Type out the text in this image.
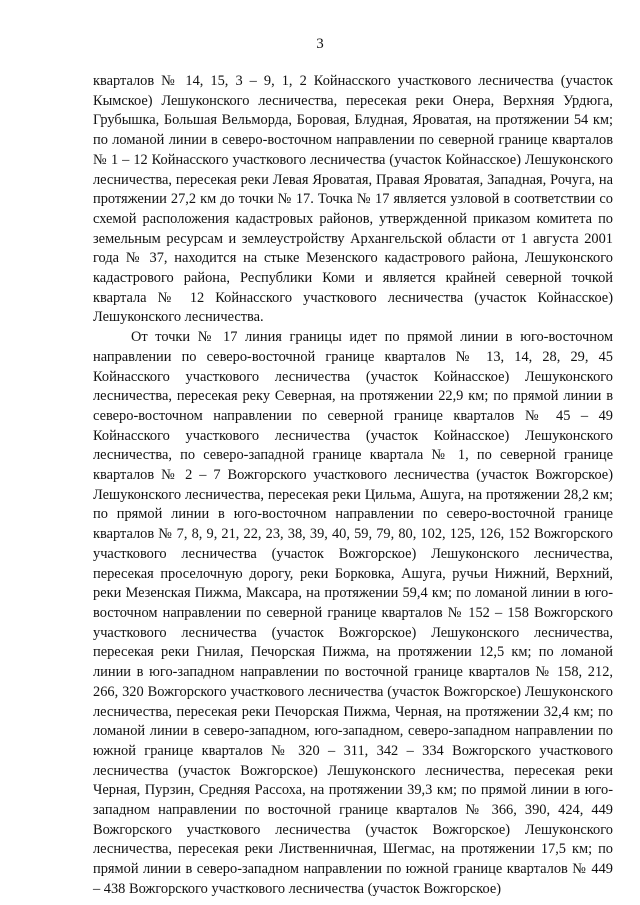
3

кварталов № 14, 15, 3 – 9, 1, 2 Койнасского участкового лесничества (участок Кымское) Лешуконского лесничества, пересекая реки Онера, Верхняя Урдюга, Грубышка, Большая Вельморда, Боровая, Блудная, Яроватая, на протяжении 54 км; по ломаной линии в северо-восточном направлении по северной границе кварталов № 1 – 12 Койнасского участкового лесничества (участок Койнасское) Лешуконского лесничества, пересекая реки Левая Яроватая, Правая Яроватая, Западная, Рочуга, на протяжении 27,2 км до точки № 17. Точка № 17 является узловой в соответствии со схемой расположения кадастровых районов, утвержденной приказом комитета по земельным ресурсам и землеустройству Архангельской области от 1 августа 2001 года № 37, находится на стыке Мезенского кадастрового района, Лешуконского кадастрового района, Республики Коми и является крайней северной точкой квартала № 12 Койнасского участкового лесничества (участок Койнасское) Лешуконского лесничества.

От точки № 17 линия границы идет по прямой линии в юго-восточном направлении по северо-восточной границе кварталов № 13, 14, 28, 29, 45 Койнасского участкового лесничества (участок Койнасское) Лешуконского лесничества, пересекая реку Северная, на протяжении 22,9 км; по прямой линии в северо-восточном направлении по северной границе кварталов № 45 – 49 Койнасского участкового лесничества (участок Койнасское) Лешуконского лесничества, по северо-западной границе квартала № 1, по северной границе кварталов № 2 – 7 Вожгорского участкового лесничества (участок Вожгорское) Лешуконского лесничества, пересекая реки Цильма, Ашуга, на протяжении 28,2 км; по прямой линии в юго-восточном направлении по северо-восточной границе кварталов № 7, 8, 9, 21, 22, 23, 38, 39, 40, 59, 79, 80, 102, 125, 126, 152 Вожгорского участкового лесничества (участок Вожгорское) Лешуконского лесничества, пересекая проселочную дорогу, реки Борковка, Ашуга, ручьи Нижний, Верхний, реки Мезенская Пижма, Максара, на протяжении 59,4 км; по ломаной линии в юго-восточном направлении по северной границе кварталов № 152 – 158 Вожгорского участкового лесничества (участок Вожгорское) Лешуконского лесничества, пересекая реки Гнилая, Печорская Пижма, на протяжении 12,5 км; по ломаной линии в юго-западном направлении по восточной границе кварталов № 158, 212, 266, 320 Вожгорского участкового лесничества (участок Вожгорское) Лешуконского лесничества, пересекая реки Печорская Пижма, Черная, на протяжении 32,4 км; по ломаной линии в северо-западном, юго-западном, северо-западном направлении по южной границе кварталов № 320 – 311, 342 – 334 Вожгорского участкового лесничества (участок Вожгорское) Лешуконского лесничества, пересекая реки Черная, Пурзин, Средняя Рассоха, на протяжении 39,3 км; по прямой линии в юго-западном направлении по восточной границе кварталов № 366, 390, 424, 449 Вожгорского участкового лесничества (участок Вожгорское) Лешуконского лесничества, пересекая реки Лиственничная, Шегмас, на протяжении 17,5 км; по прямой линии в северо-западном направлении по южной границе кварталов № 449 – 438 Вожгорского участкового лесничества (участок Вожгорское)
